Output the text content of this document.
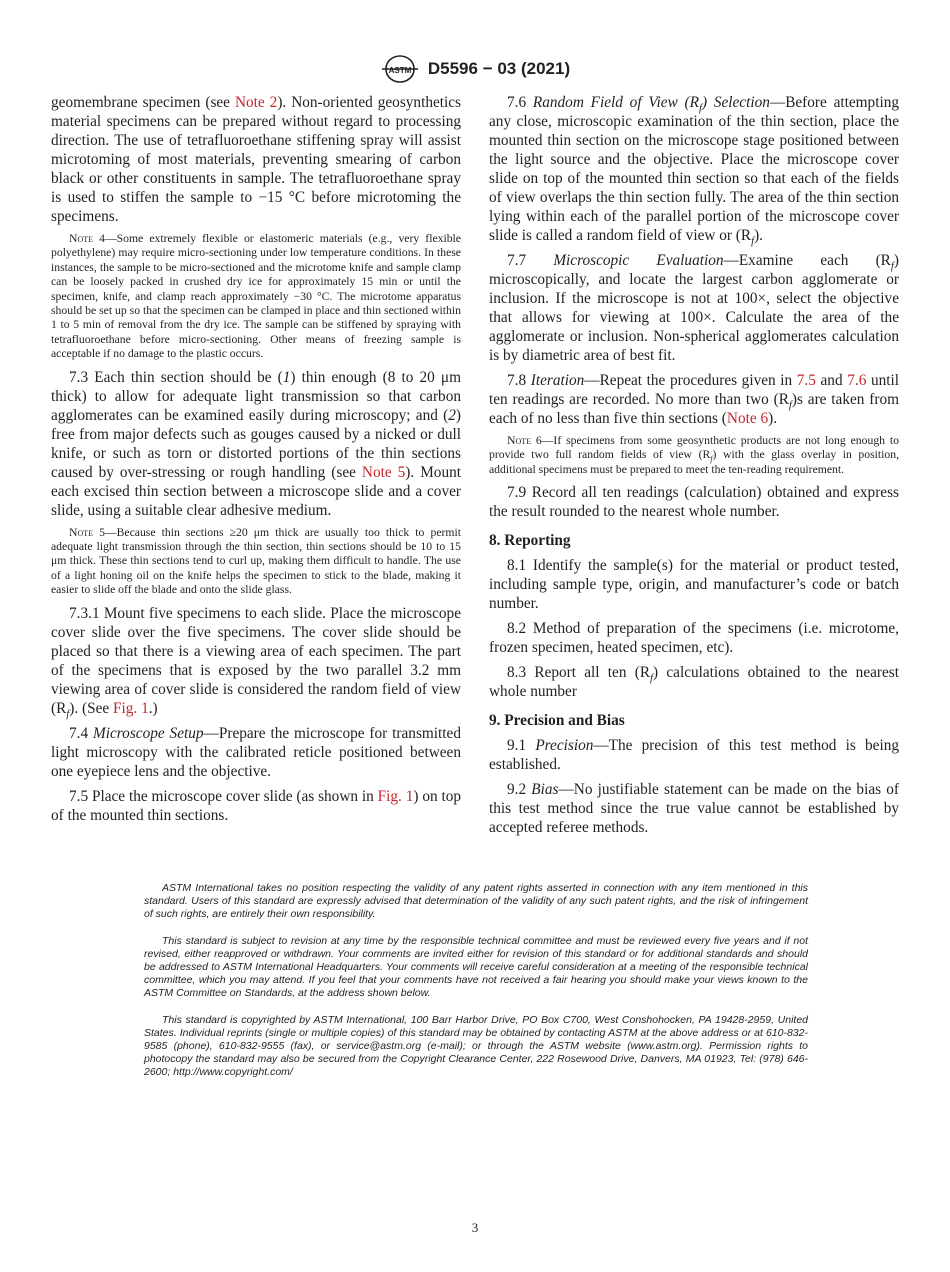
ASTM D5596 − 03 (2021)

geomembrane specimen (see Note 2). Non-oriented geosynthetics material specimens can be prepared without regard to processing direction. The use of tetrafluoroethane stiffening spray will assist microtoming of most materials, preventing smearing of carbon black or other constituents in sample. The tetrafluoroethane spray is used to stiffen the sample to −15 °C before microtoming the specimens.

Note 4—Some extremely flexible or elastomeric materials (e.g., very flexible polyethylene) may require micro-sectioning under low temperature conditions. In these instances, the sample to be micro-sectioned and the microtome knife and sample clamp can be loosely packed in crushed dry ice for approximately 15 min or until the specimen, knife, and clamp reach approximately −30 °C. The microtome apparatus should be set up so that the specimen can be clamped in place and thin sectioned within 1 to 5 min of removal from the dry ice. The sample can be stiffened by spraying with tetrafluoroethane before micro-sectioning. Other means of freezing sample is acceptable if no damage to the plastic occurs.

7.3 Each thin section should be (1) thin enough (8 to 20 μm thick) to allow for adequate light transmission so that carbon agglomerates can be examined easily during microscopy; and (2) free from major defects such as gouges caused by a nicked or dull knife, or such as torn or distorted portions of the thin sections caused by over-stressing or rough handling (see Note 5). Mount each excised thin section between a microscope slide and a cover slide, using a suitable clear adhesive medium.

Note 5—Because thin sections ≥20 μm thick are usually too thick to permit adequate light transmission through the thin section, thin sections should be 10 to 15 μm thick. These thin sections tend to curl up, making them difficult to handle. The use of a light honing oil on the knife helps the specimen to stick to the blade, making it easier to slide off the blade and onto the slide glass.

7.3.1 Mount five specimens to each slide. Place the microscope cover slide over the five specimens. The cover slide should be placed so that there is a viewing area of each specimen. The part of the specimens that is exposed by the two parallel 3.2 mm viewing area of cover slide is considered the random field of view $(R_f)$. (See Fig. 1.)

7.4 Microscope Setup—Prepare the microscope for transmitted light microscopy with the calibrated reticle positioned between one eyepiece lens and the objective.

7.5 Place the microscope cover slide (as shown in Fig. 1) on top of the mounted thin sections.

7.6 Random Field of View $(R_f)$ Selection—Before attempting any close, microscopic examination of the thin section, place the mounted thin section on the microscope stage positioned between the light source and the objective. Place the microscope cover slide on top of the mounted thin section so that each of the fields of view overlaps the thin section fully. The area of the thin section lying within each of the parallel portion of the microscope cover slide is called a random field of view or $(R_f)$.

7.7 Microscopic Evaluation—Examine each $(R_f)$ microscopically, and locate the largest carbon agglomerate or inclusion. If the microscope is not at 100×, select the objective that allows for viewing at 100×. Calculate the area of the agglomerate or inclusion. Non-spherical agglomerates calculation is by diametric area of best fit.

7.8 Iteration—Repeat the procedures given in 7.5 and 7.6 until ten readings are recorded. No more than two $(R_f)s$ are taken from each of no less than five thin sections (Note 6).

Note 6—If specimens from some geosynthetic products are not long enough to provide two full random fields of view $(R_f)$ with the glass overlay in position, additional specimens must be prepared to meet the ten-reading requirement.

7.9 Record all ten readings (calculation) obtained and express the result rounded to the nearest whole number.

8. Reporting

8.1 Identify the sample(s) for the material or product tested, including sample type, origin, and manufacturer’s code or batch number.

8.2 Method of preparation of the specimens (i.e. microtome, frozen specimen, heated specimen, etc).

8.3 Report all ten $(R_f)$ calculations obtained to the nearest whole number

9. Precision and Bias

9.1 Precision—The precision of this test method is being established.

9.2 Bias—No justifiable statement can be made on the bias of this test method since the true value cannot be established by accepted referee methods.

ASTM International takes no position respecting the validity of any patent rights asserted in connection with any item mentioned in this standard. Users of this standard are expressly advised that determination of the validity of any such patent rights, and the risk of infringement of such rights, are entirely their own responsibility.

This standard is subject to revision at any time by the responsible technical committee and must be reviewed every five years and if not revised, either reapproved or withdrawn. Your comments are invited either for revision of this standard or for additional standards and should be addressed to ASTM International Headquarters. Your comments will receive careful consideration at a meeting of the responsible technical committee, which you may attend. If you feel that your comments have not received a fair hearing you should make your views known to the ASTM Committee on Standards, at the address shown below.

This standard is copyrighted by ASTM International, 100 Barr Harbor Drive, PO Box C700, West Conshohocken, PA 19428-2959, United States. Individual reprints (single or multiple copies) of this standard may be obtained by contacting ASTM at the above address or at 610-832-9585 (phone), 610-832-9555 (fax), or service@astm.org (e-mail); or through the ASTM website (www.astm.org). Permission rights to photocopy the standard may also be secured from the Copyright Clearance Center, 222 Rosewood Drive, Danvers, MA 01923, Tel: (978) 646-2600; http://www.copyright.com/

3
